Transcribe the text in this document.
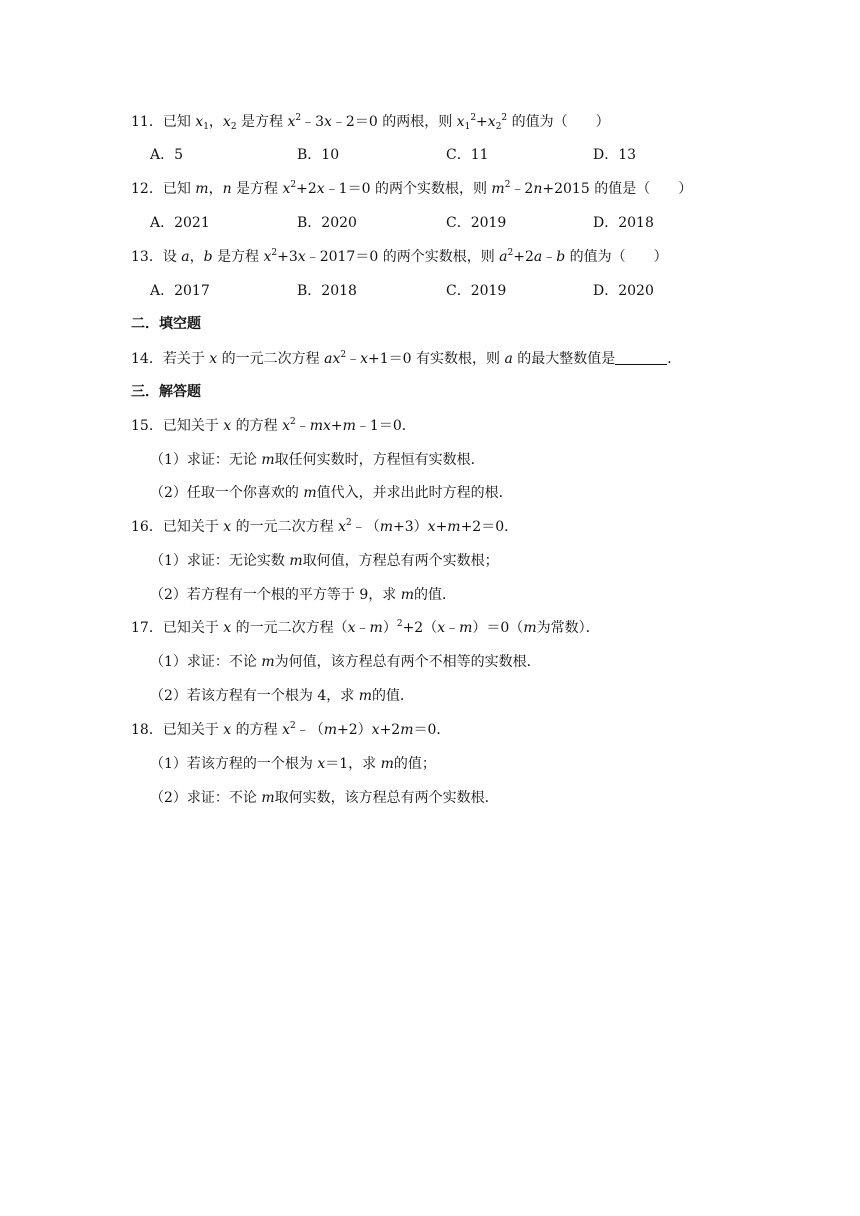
11．已知 $x_1$，$x_2$ 是方程 $x^2﹣3x﹣2=0$ 的两根，则 $x_1^2+x_2^2$ 的值为（　　）
A．5	B．10	C．11	D．13
12．已知 m，n 是方程 $x^2+2x﹣1=0$ 的两个实数根，则 $m^2﹣2n+2015$ 的值是（　　）
A．2021	B．2020	C．2019	D．2018
13．设 a，b 是方程 $x^2+3x﹣2017=0$ 的两个实数根，则 $a^2+2a﹣b$ 的值为（　　）
A．2017	B．2018	C．2019	D．2020
二．填空题
14．若关于 x 的一元二次方程 $ax^2﹣x+1=0$ 有实数根，则 a 的最大整数值是	．
三．解答题
15．已知关于 x 的方程 $x^2﹣mx+m﹣1=0$．
（1）求证：无论 m取任何实数时，方程恒有实数根．
（2）任取一个你喜欢的 m值代入，并求出此时方程的根．
16．已知关于 x 的一元二次方程 $x^2﹣(m+3)x+m+2=0$．
（1）求证：无论实数 m取何值，方程总有两个实数根；
（2）若方程有一个根的平方等于 9，求 m的值．
17．已知关于 x 的一元二次方程（x﹣m）$^2$+2（x﹣m）＝0（m为常数）．
（1）求证：不论 m为何值，该方程总有两个不相等的实数根．
（2）若该方程有一个根为 4，求 m的值．
18．已知关于 x 的方程 $x^2﹣(m+2)x+2m=0$．
（1）若该方程的一个根为 x＝1，求 m的值；
（2）求证：不论 m取何实数，该方程总有两个实数根．
